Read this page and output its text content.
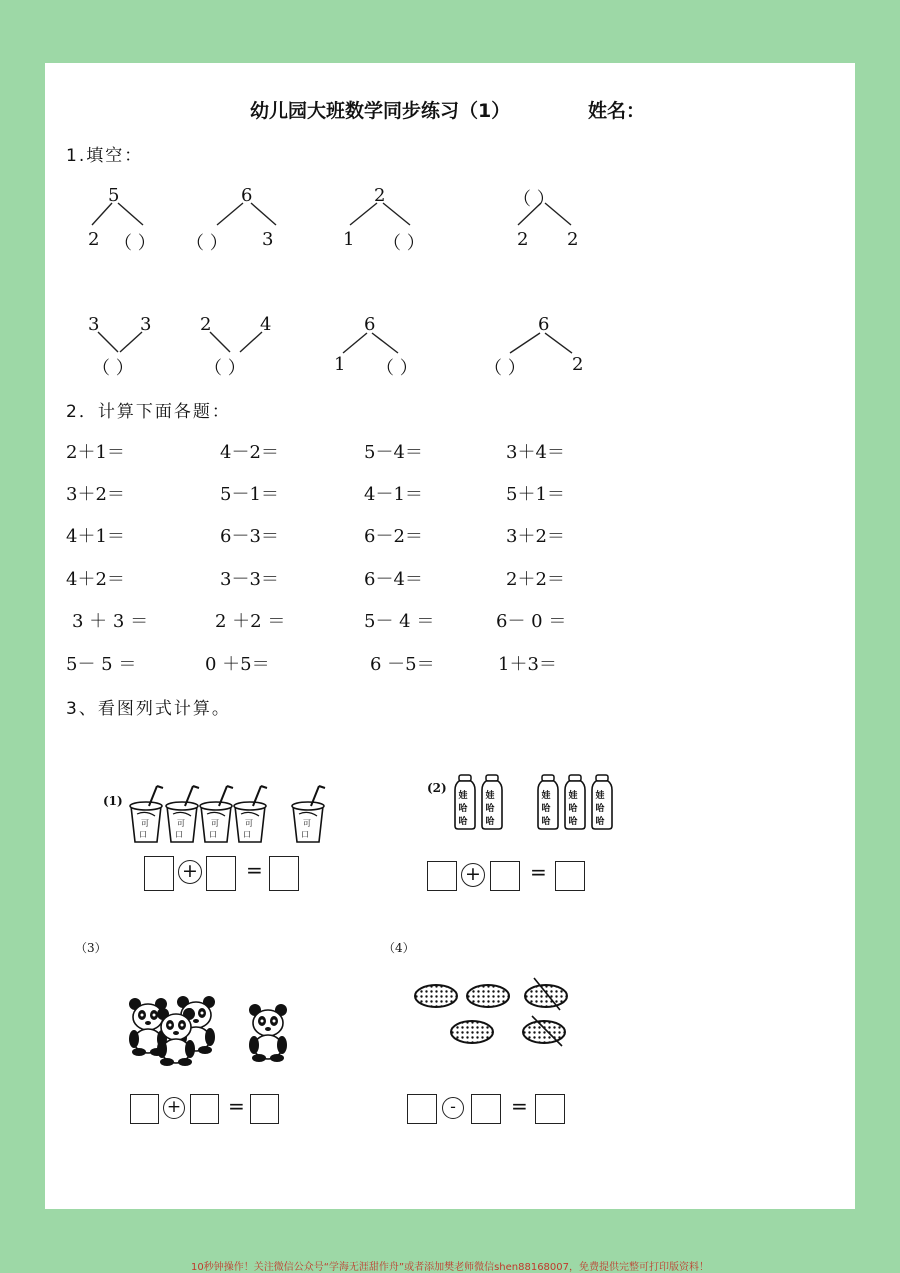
幼儿园大班数学同步练习（1）	姓名：
1.填空：
5
2 （ ）
6
（ ） 3
2
1 （ ）
（ ）
2 2
3 3
（ ）
2	4
（ ）
6
1 （ ）
6
（ ）	2
2．计算下面各题：
2＋1＝	4－2＝	5－4＝	3＋4＝
3＋2＝	5－1＝	4－1＝	5＋1＝
4＋1＝	6－3＝	6－2＝	3＋2＝
4＋2＝	3－3＝	6－4＝	2＋2＝
3 ＋ 3 ＝	2 ＋2 ＝	5－ 4 ＝	6－ 0 ＝
5－ 5 ＝	0 ＋5＝	6 －5＝	1＋3＝
3、看图列式计算。
(1)
+ =
(2)
+ =
（3）
+ =
（4）
-	=
10秒钟操作！关注微信公众号“学海无涯甜作舟”或者添加樊老师微信shen88168007，免费提供完整可打印版资料！
